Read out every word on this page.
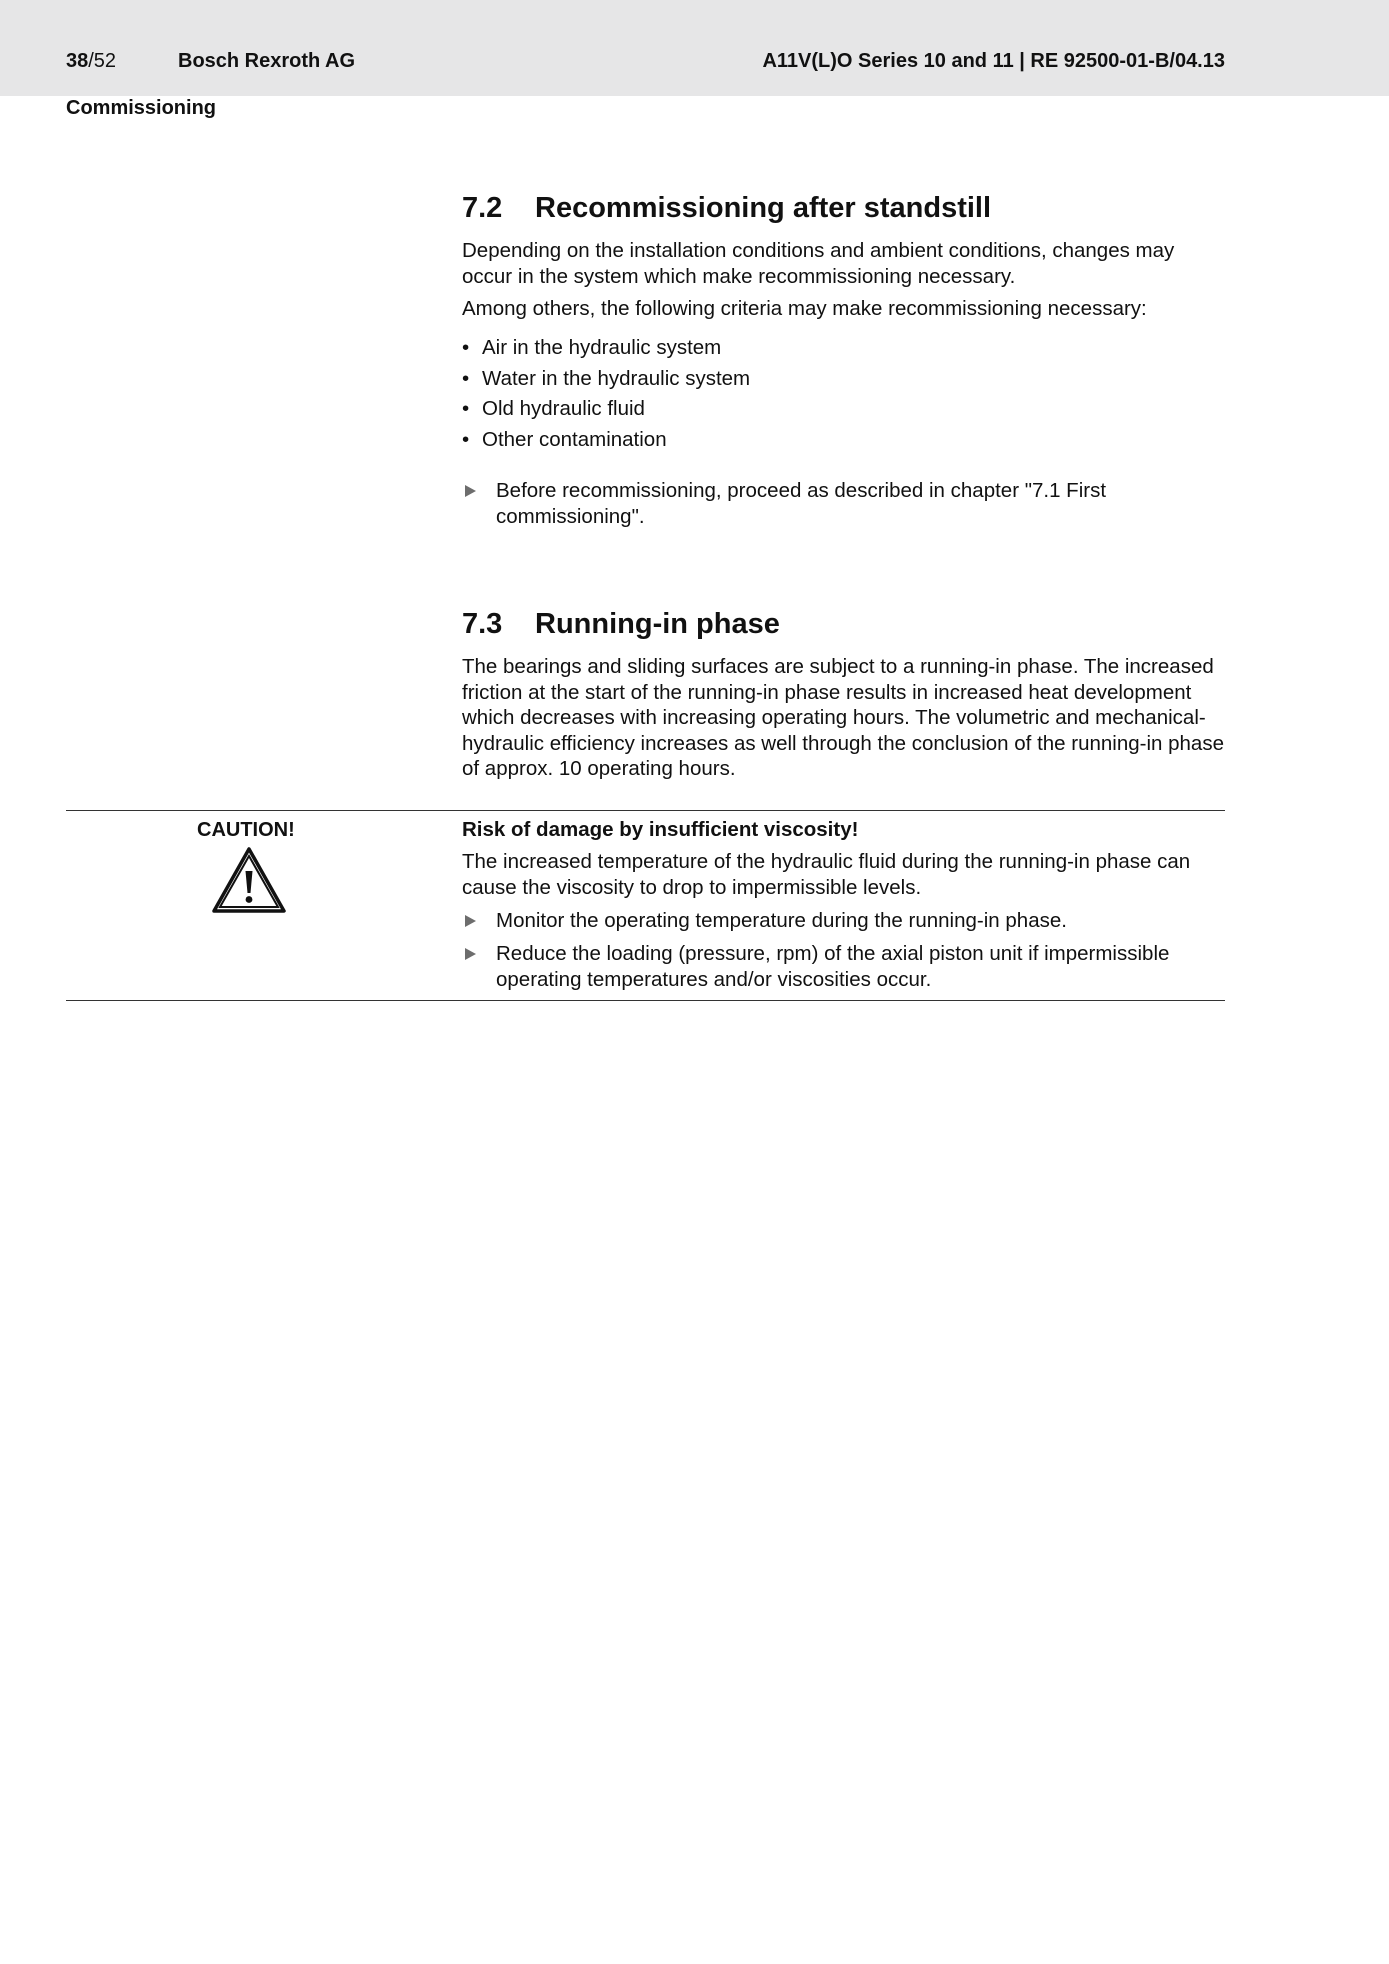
38/52	Bosch Rexroth AG	A11V(L)O Series 10 and 11 | RE 92500-01-B/04.13
Commissioning
7.2 Recommissioning after standstill

Depending on the installation conditions and ambient conditions, changes may occur in the system which make recommissioning necessary.

Among others, the following criteria may make recommissioning necessary:

• Air in the hydraulic system
• Water in the hydraulic system
• Old hydraulic fluid
• Other contamination
Before recommissioning, proceed as described in chapter "7.1 First commissioning".
7.3 Running-in phase

The bearings and sliding surfaces are subject to a running-in phase. The increased friction at the start of the running-in phase results in increased heat development which decreases with increasing operating hours. The volumetric and mechanical-hydraulic efficiency increases as well through the conclusion of the running-in phase of approx. 10 operating hours.

CAUTION!	Risk of damage by insufficient viscosity!

The increased temperature of the hydraulic fluid during the running-in phase can cause the viscosity to drop to impermissible levels.

Monitor the operating temperature during the running-in phase.
Reduce the loading (pressure, rpm) of the axial piston unit if impermissible operating temperatures and/or viscosities occur.
